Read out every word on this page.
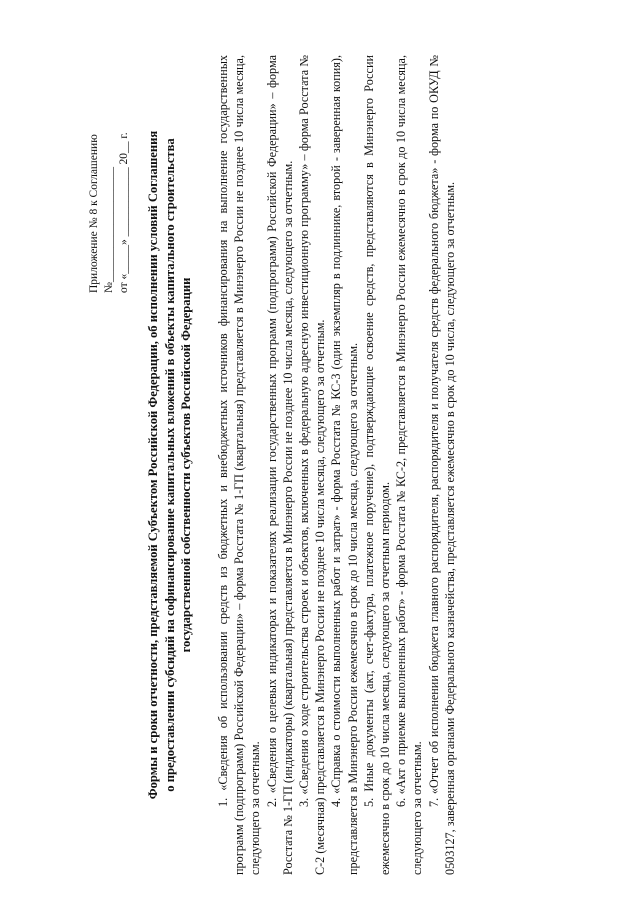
Приложение № 8 к Соглашению №____________________ от «_____» ____________ 20__ г. Формы и сроки отчетности, представляемой Субъектом Российской Федерации, об исполнении условий Соглашения о предоставлении субсидий на софинансирование капитальных вложений в объекты капитального строительства государственной собственности субъектов Российской Федерации 1. «Сведения об использовании средств из бюджетных и внебюджетных источников финансирования на выполнение государственных программ (подпрограмм) Российской Федерации» – форма Росстата № 1-ГП (квартальная) представляется в Минэнерго России не позднее 10 числа месяца, следующего за отчетным.

2. «Сведения о целевых индикаторах и показателях реализации государственных программ (подпрограмм) Российской Федерации» – форма Росстата № 1-ГП (индикаторы) (квартальная) представляется в Минэнерго России не позднее 10 числа месяца, следующего за отчетным. 3. «Сведения о ходе строительства строек и объектов, включенных в федеральную адресную инвестиционную программу» – форма Росстата № С-2 (месячная) представляется в Минэнерго России не позднее 10 числа месяца, следующего за отчетным. 4. «Справка о стоимости выполненных работ и затрат» - форма Росстата № КС-3 (один экземпляр в подлиннике, второй - заверенная копия), представляется в Минэнерго России ежемесячно в срок до 10 числа месяца, следующего за отчетным. 5. Иные документы (акт, счет-фактура, платежное поручение), подтверждающие освоение средств, представляются в Минэнерго России ежемесячно в срок до 10 числа месяца, следующего за отчетным периодом. 6. «Акт о приемке выполненных работ» - форма Росстата № КС-2, представляется в Минэнерго России ежемесячно в срок до 10 числа месяца, следующего за отчетным.

7. «Отчет об исполнении бюджета главного распорядителя, распорядителя и получателя средств федерального бюджета» - форма по ОКУД № 0503127, заверенная органами Федерального казначейства, представляется ежемесячно в срок до 10 числа, следующего за отчетным.
